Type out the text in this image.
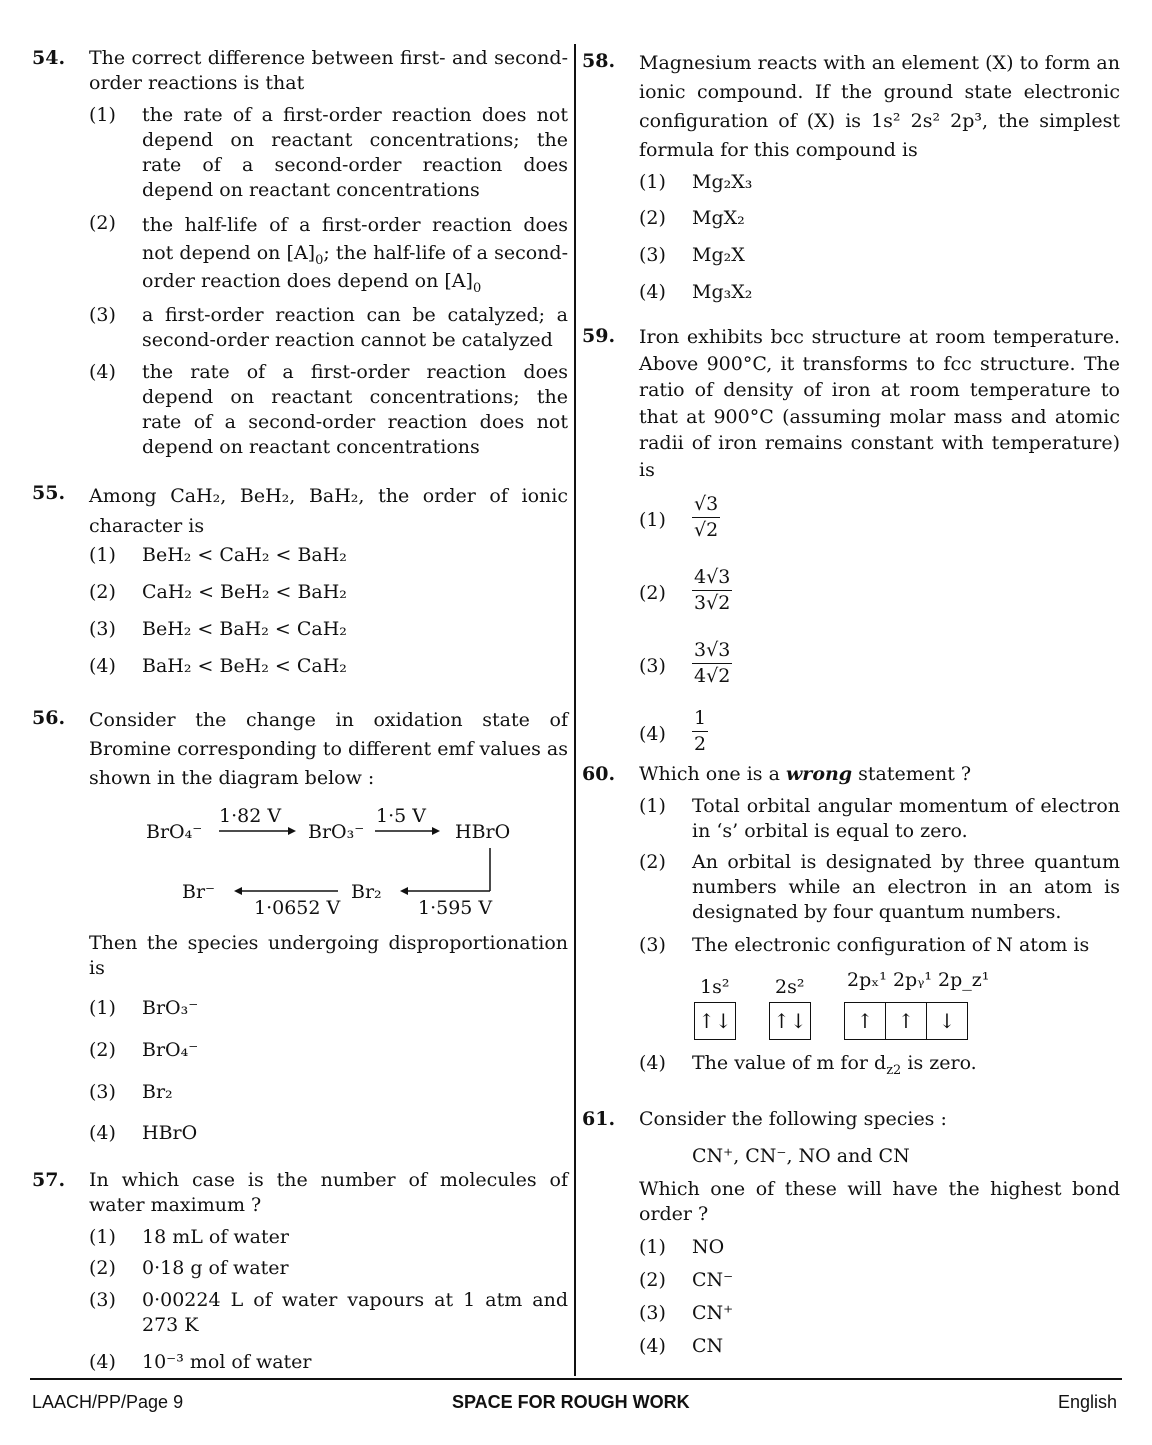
54. The correct difference between first- and second-order reactions is that
(1) the rate of a first-order reaction does not depend on reactant concentrations; the rate of a second-order reaction does depend on reactant concentrations
(2) the half-life of a first-order reaction does not depend on $[A]_0$; the half-life of a second-order reaction does depend on $[A]_0$
(3) a first-order reaction can be catalyzed; a second-order reaction cannot be catalyzed
(4) the rate of a first-order reaction does depend on reactant concentrations; the rate of a second-order reaction does not depend on reactant concentrations
55. Among CaH₂, BeH₂, BaH₂, the order of ionic character is
(1) BeH₂ < CaH₂ < BaH₂
(2) CaH₂ < BeH₂ < BaH₂
(3) BeH₂ < BaH₂ < CaH₂
(4) BaH₂ < BeH₂ < CaH₂
56. Consider the change in oxidation state of Bromine corresponding to different emf values as shown in the diagram below :
BrO₄⁻
1·82 V
BrO₃⁻
1·5 V
HBrO
1·595 V
Br₂
1·0652 V
Br⁻
Then the species undergoing disproportionation is
(1) BrO₃⁻
(2) BrO₄⁻
(3) Br₂
(4) HBrO
57. In which case is the number of molecules of water maximum ?
(1) 18 mL of water
(2) 0·18 g of water
(3) 0·00224 L of water vapours at 1 atm and 273 K
(4) 10⁻³ mol of water
58. Magnesium reacts with an element (X) to form an ionic compound. If the ground state electronic configuration of (X) is 1s² 2s² 2p³, the simplest formula for this compound is
(1) Mg₂X₃
(2) MgX₂
(3) Mg₂X
(4) Mg₃X₂
59. Iron exhibits bcc structure at room temperature. Above 900°C, it transforms to fcc structure. The ratio of density of iron at room temperature to that at 900°C (assuming molar mass and atomic radii of iron remains constant with temperature) is
$(1) \frac{√3}{√2}$
$(2) \frac{4√3}{3√2}$
$(3) \frac{3√3}{4√2}$
$(4) \frac{1}{2}$
60. Which one is a wrong statement ?
(1) Total orbital angular momentum of electron in ‘s’ orbital is equal to zero.
(2) An orbital is designated by three quantum numbers while an electron in an atom is designated by four quantum numbers.
(3) The electronic configuration of N atom is
(4) The value of m for $d_{z2}$ is zero.
61. Consider the following species :
CN⁺, CN⁻, NO and CN
Which one of these will have the highest bond order ?
(1) NO
(2) CN⁻
(3) CN⁺
(4) CN
1s² 2s² 2pₓ¹ 2pᵧ¹ 2p_z¹
↑↓ ↑↓	↑	↑	↓
LAACH/PP/Page 9	SPACE FOR ROUGH WORK	English
